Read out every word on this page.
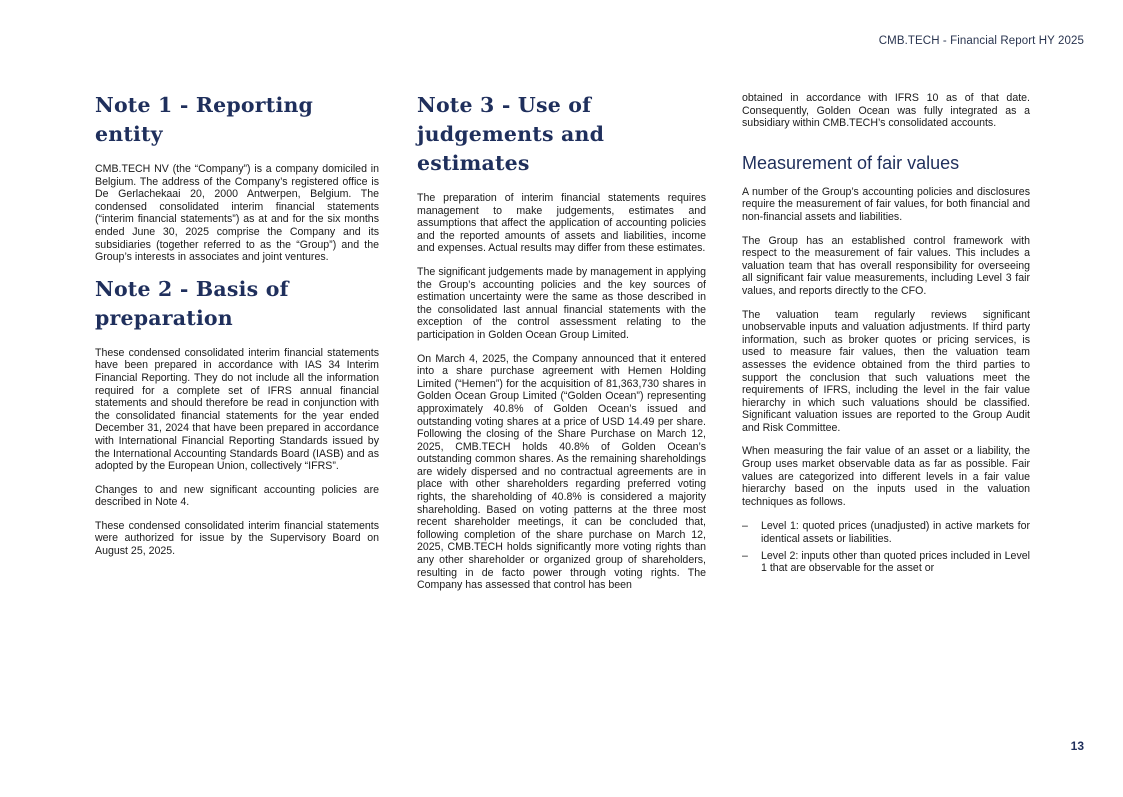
CMB.TECH - Financial Report HY 2025
Note 1 - Reporting entity

CMB.TECH NV (the “Company”) is a company domiciled in Belgium. The address of the Company’s registered office is De Gerlachekaai 20, 2000 Antwerpen, Belgium. The condensed consolidated interim financial statements (“interim financial statements”) as at and for the six months ended June 30, 2025 comprise the Company and its subsidiaries (together referred to as the “Group”) and the Group’s interests in associates and joint ventures.

Note 2 - Basis of preparation

These condensed consolidated interim financial statements have been prepared in accordance with IAS 34 Interim Financial Reporting. They do not include all the information required for a complete set of IFRS annual financial statements and should therefore be read in conjunction with the consolidated financial statements for the year ended December 31, 2024 that have been prepared in accordance with International Financial Reporting Standards issued by the International Accounting Standards Board (IASB) and as adopted by the European Union, collectively “IFRS”.

Changes to and new significant accounting policies are described in Note 4.

These condensed consolidated interim financial statements were authorized for issue by the Supervisory Board on August 25, 2025.

Note 3 - Use of judgements and estimates

The preparation of interim financial statements requires management to make judgements, estimates and assumptions that affect the application of accounting policies and the reported amounts of assets and liabilities, income and expenses. Actual results may differ from these estimates.

The significant judgements made by management in applying the Group’s accounting policies and the key sources of estimation uncertainty were the same as those described in the consolidated last annual financial statements with the exception of the control assessment relating to the participation in Golden Ocean Group Limited.

On March 4, 2025, the Company announced that it entered into a share purchase agreement with Hemen Holding Limited (“Hemen”) for the acquisition of 81,363,730 shares in Golden Ocean Group Limited (“Golden Ocean”) representing approximately 40.8% of Golden Ocean’s issued and outstanding voting shares at a price of USD 14.49 per share. Following the closing of the Share Purchase on March 12, 2025, CMB.TECH holds 40.8% of Golden Ocean’s outstanding common shares. As the remaining shareholdings are widely dispersed and no contractual agreements are in place with other shareholders regarding preferred voting rights, the shareholding of 40.8% is considered a majority shareholding. Based on voting patterns at the three most recent shareholder meetings, it can be concluded that, following completion of the share purchase on March 12, 2025, CMB.TECH holds significantly more voting rights than any other shareholder or organized group of shareholders, resulting in de facto power through voting rights. The Company has assessed that control has been

obtained in accordance with IFRS 10 as of that date. Consequently, Golden Ocean was fully integrated as a subsidiary within CMB.TECH’s consolidated accounts.

Measurement of fair values

A number of the Group’s accounting policies and disclosures require the measurement of fair values, for both financial and non-financial assets and liabilities.

The Group has an established control framework with respect to the measurement of fair values. This includes a valuation team that has overall responsibility for overseeing all significant fair value measurements, including Level 3 fair values, and reports directly to the CFO.

The valuation team regularly reviews significant unobservable inputs and valuation adjustments. If third party information, such as broker quotes or pricing services, is used to measure fair values, then the valuation team assesses the evidence obtained from the third parties to support the conclusion that such valuations meet the requirements of IFRS, including the level in the fair value hierarchy in which such valuations should be classified. Significant valuation issues are reported to the Group Audit and Risk Committee.

When measuring the fair value of an asset or a liability, the Group uses market observable data as far as possible. Fair values are categorized into different levels in a fair value hierarchy based on the inputs used in the valuation techniques as follows.

– Level 1: quoted prices (unadjusted) in active markets for identical assets or liabilities.
– Level 2: inputs other than quoted prices included in Level 1 that are observable for the asset or
13
